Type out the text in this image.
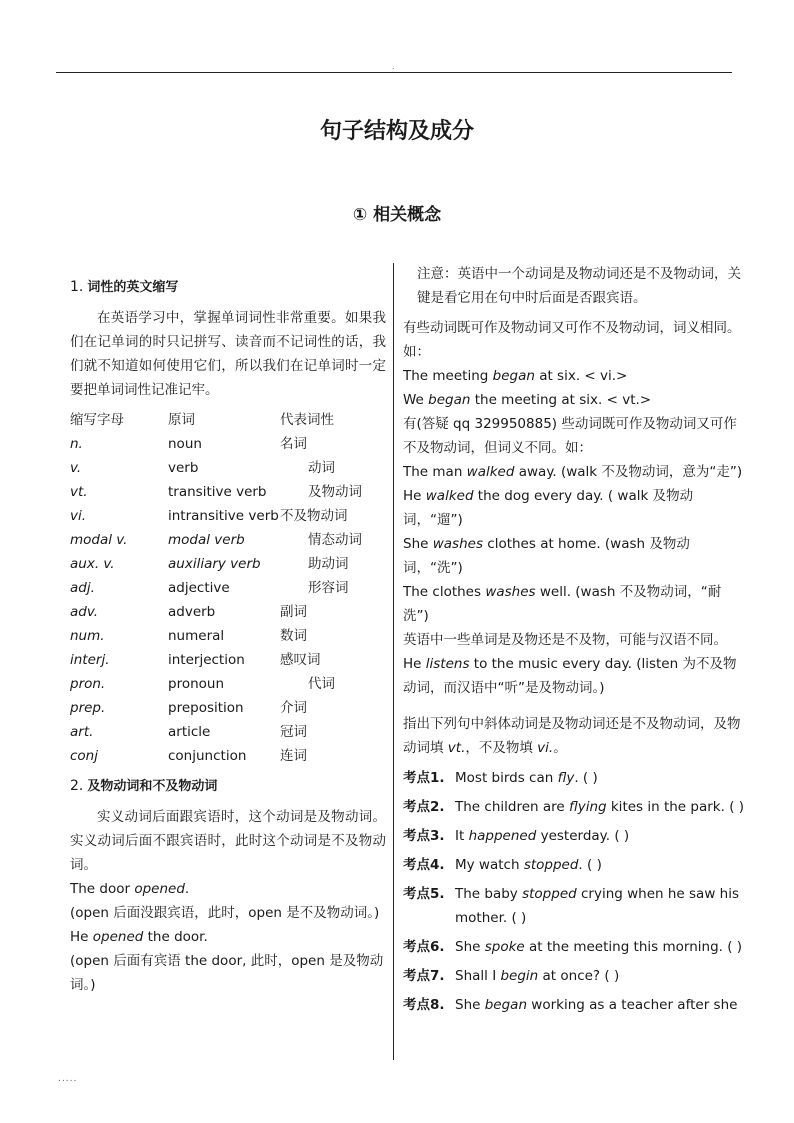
.
句子结构及成分
① 相关概念

1. 词性的英文缩写

在英语学习中，掌握单词词性非常重要。如果我们在记单词的时只记拼写、读音而不记词性的话，我们就不知道如何使用它们，所以我们在记单词时一定要把单词词性记准记牢。

缩写字母	原词	代表词性
n.	noun	名词
v.	verb	动词
vt.	transitive verb	及物动词
vi.	intransitive verb	不及物动词
modal v.	modal verb	情态动词
aux. v.	auxiliary verb	助动词
adj.	adjective	形容词
adv.	adverb	副词
num.	numeral	数词
interj.	interjection	感叹词
pron.	pronoun	代词
prep.	preposition	介词
art.	article	冠词
conj	conjunction	连词

2. 及物动词和不及物动词

实义动词后面跟宾语时，这个动词是及物动词。实义动词后面不跟宾语时，此时这个动词是不及物动词。

The door opened.

(open 后面没跟宾语，此时，open 是不及物动词。)

He opened the door.

(open 后面有宾语 the door, 此时，open 是及物动词。)

注意：英语中一个动词是及物动词还是不及物动词，关键是看它用在句中时后面是否跟宾语。

有些动词既可作及物动词又可作不及物动词，词义相同。如：

The meeting began at six. < vi.>

We began the meeting at six. < vt.>

有(答疑 qq 329950885) 些动词既可作及物动词又可作不及物动词，但词义不同。如：

The man walked away. (walk 不及物动词，意为“走”)

He walked the dog every day. ( walk 及物动词，“遛”)

She washes clothes at home. (wash 及物动词，“洗”)

The clothes washes well. (wash 不及物动词，“耐洗”)

英语中一些单词是及物还是不及物，可能与汉语不同。

He listens to the music every day. (listen 为不及物动词，而汉语中“听”是及物动词。)

指出下列句中斜体动词是及物动词还是不及物动词，及物动词填 vt.，不及物填 vi.。

考点1. Most birds can fly. ( )
考点2. The children are flying kites in the park. ( )
考点3. It happened yesterday. ( )
考点4. My watch stopped. ( )
考点5. The baby stopped crying when he saw his mother. ( )
考点6. She spoke at the meeting this morning. ( )
考点7. Shall I begin at once? ( )
考点8. She began working as a teacher after she
.....
